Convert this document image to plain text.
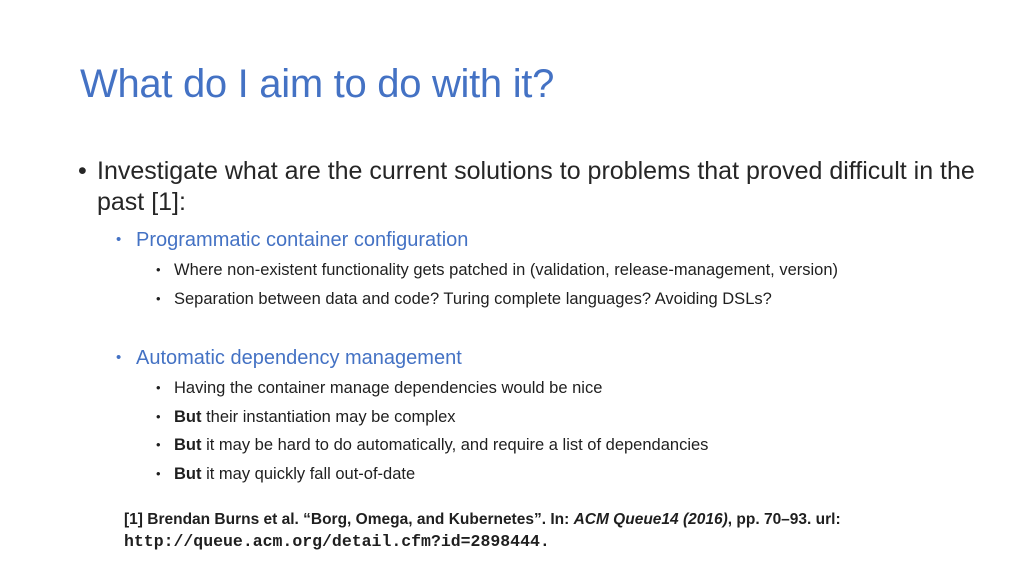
What do I aim to do with it?
• Investigate what are the current solutions to problems that proved difficult in the past [1]:
• Programmatic container configuration
• Where non-existent functionality gets patched in (validation, release-management, version)
• Separation between data and code? Turing complete languages? Avoiding DSLs?
• Automatic dependency management
• Having the container manage dependencies would be nice
• But their instantiation may be complex
• But it may be hard to do automatically, and require a list of dependancies
• But it may quickly fall out-of-date
[1] Brendan Burns et al. “Borg, Omega, and Kubernetes”. In: ACM Queue14 (2016), pp. 70–93. url:
http://queue.acm.org/detail.cfm?id=2898444.
